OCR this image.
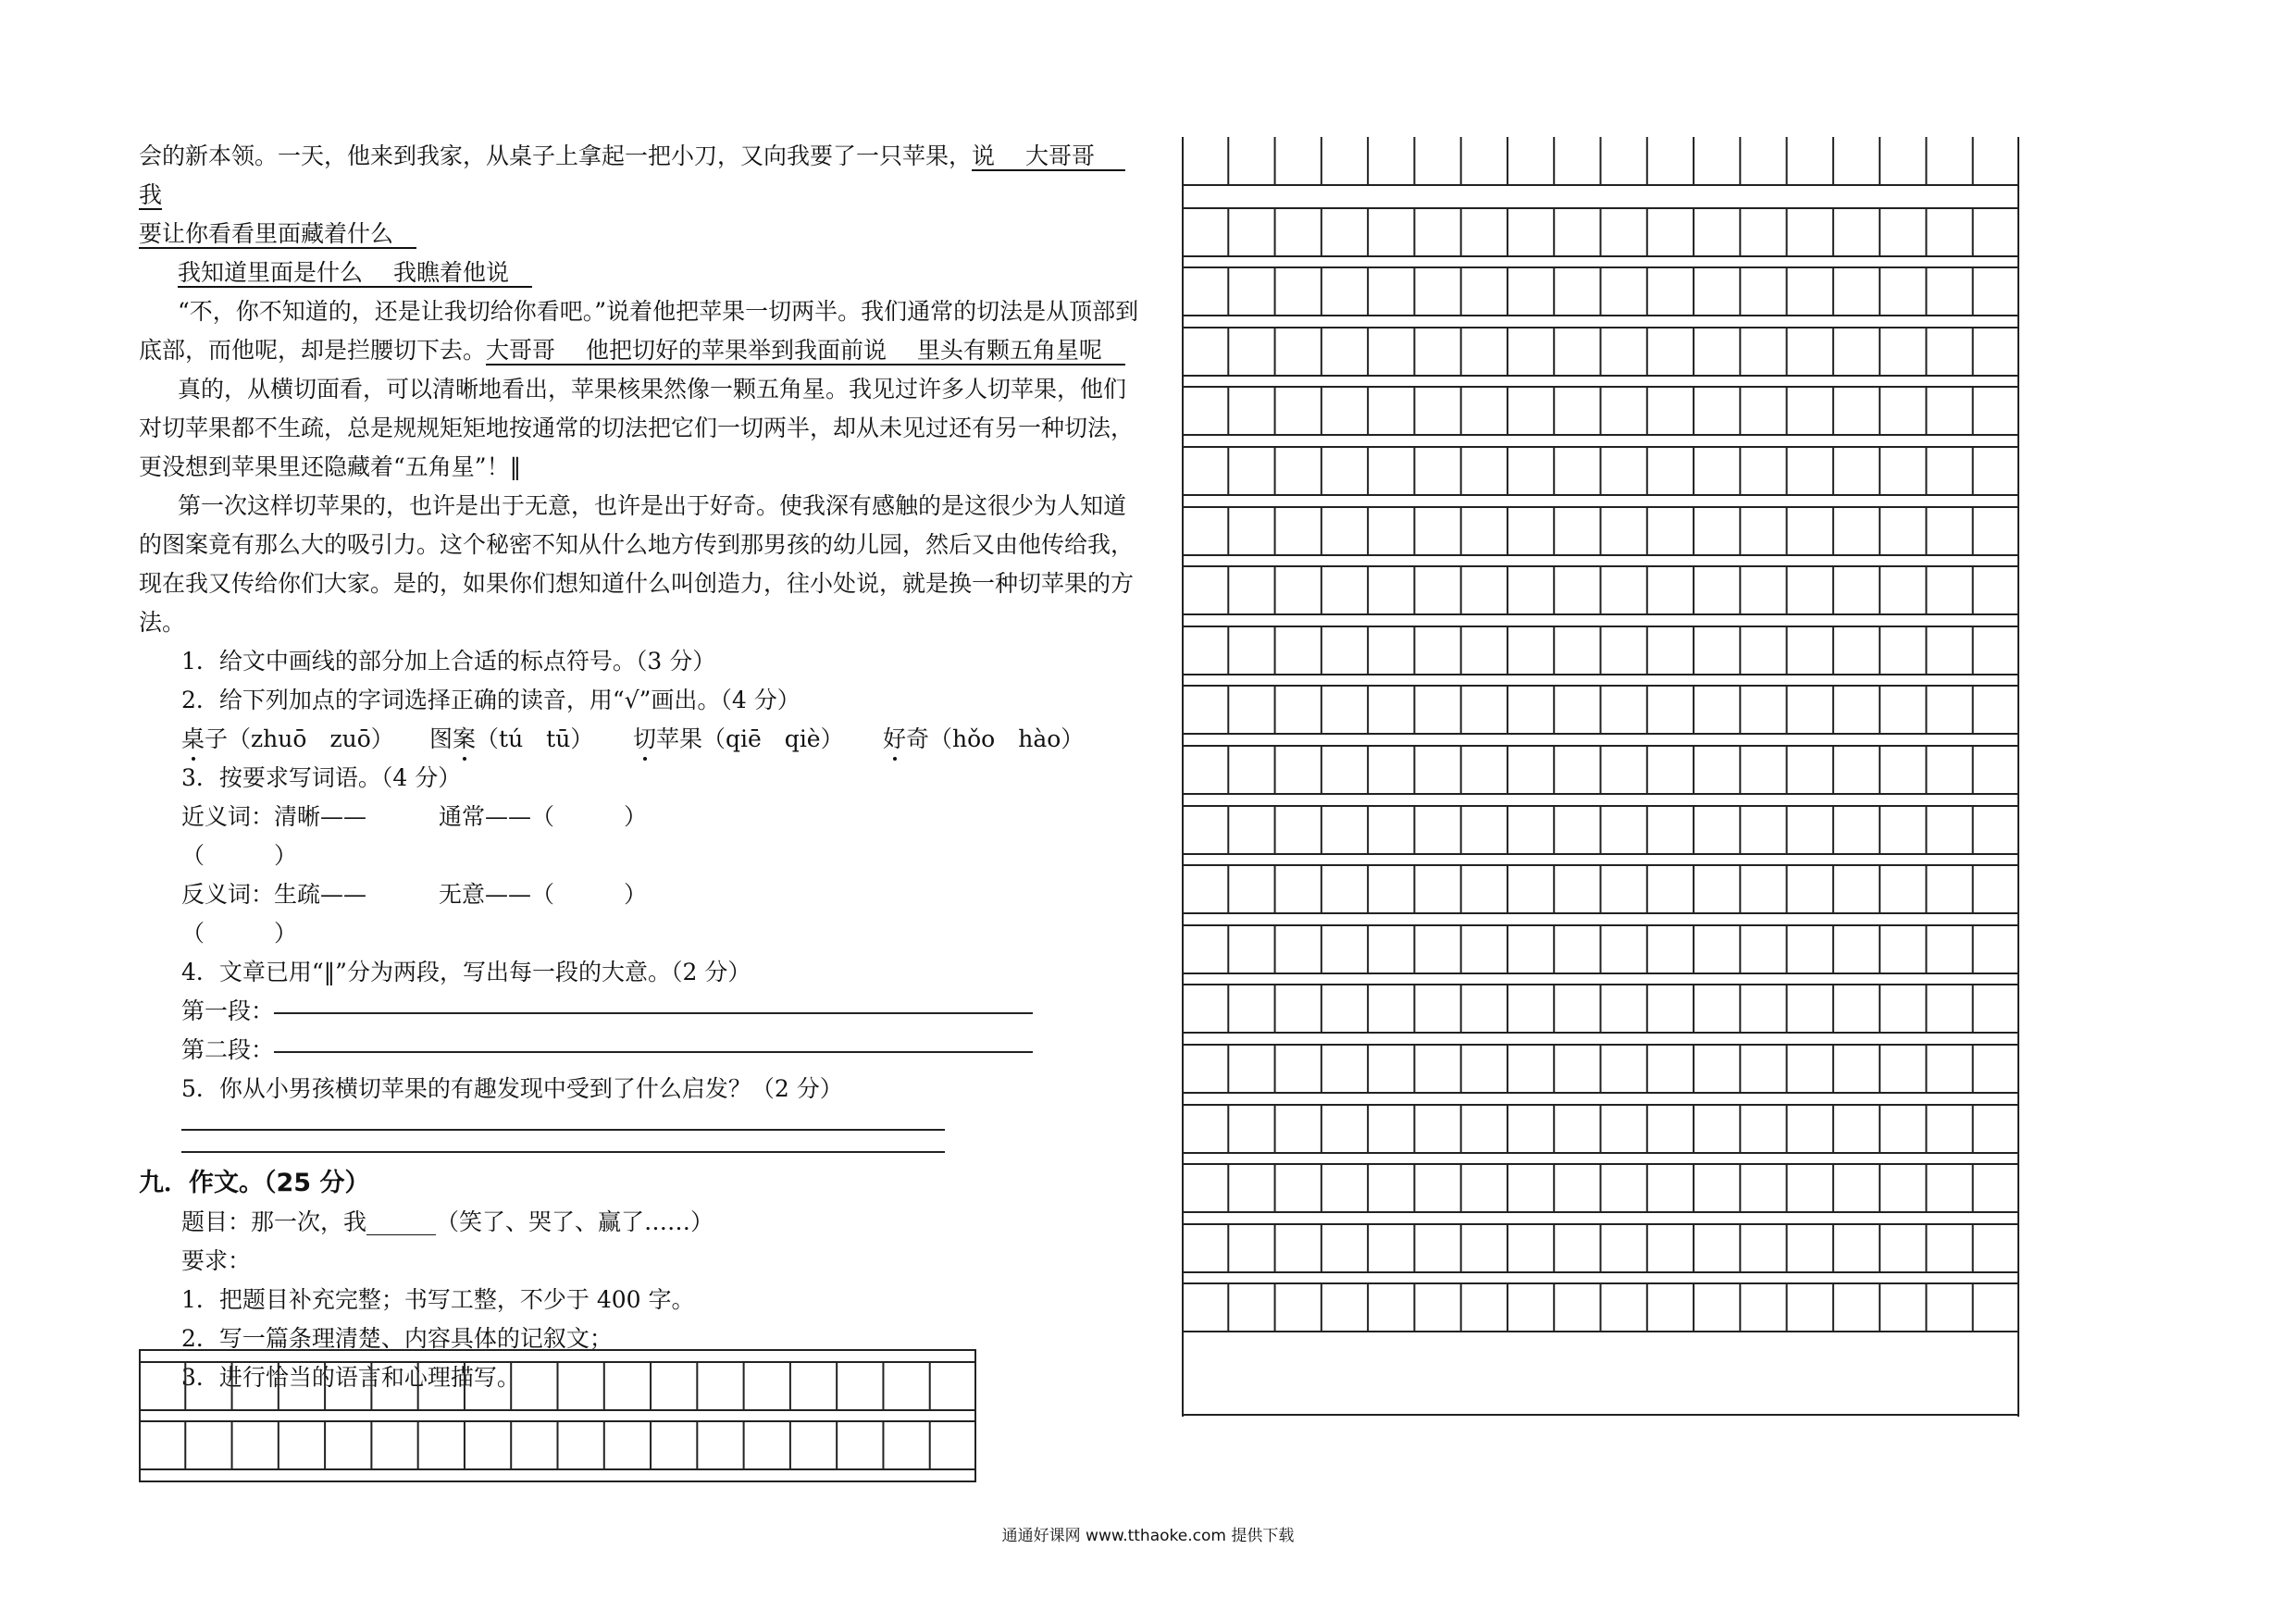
会的新本领。一天，他来到我家，从桌子上拿起一把小刀，又向我要了一只苹果，说　 大哥哥　 我
要让你看看里面藏着什么　

我知道里面是什么　 我瞧着他说　

“不，你不知道的，还是让我切给你看吧。”说着他把苹果一切两半。我们通常的切法是从顶部到底部，而他呢，却是拦腰切下去。大哥哥　 他把切好的苹果举到我面前说　 里头有颗五角星呢　

真的，从横切面看，可以清晰地看出，苹果核果然像一颗五角星。我见过许多人切苹果，他们对切苹果都不生疏，总是规规矩矩地按通常的切法把它们一切两半，却从未见过还有另一种切法，更没想到苹果里还隐藏着“五角星”！‖

第一次这样切苹果的，也许是出于无意，也许是出于好奇。使我深有感触的是这很少为人知道的图案竟有那么大的吸引力。这个秘密不知从什么地方传到那男孩的幼儿园，然后又由他传给我，现在我又传给你们大家。是的，如果你们想知道什么叫创造力，往小处说，就是换一种切苹果的方法。

1．给文中画线的部分加上合适的标点符号。（3 分）

2．给下列加点的字词选择正确的读音，用“√”画出。（4 分）

桌子（zhuō　zuō）	图案（tú　tū）	切苹果（qiē　qiè）	好奇（hǒo　hào）

3．按要求写词语。（4 分）

近义词：清晰——（　　　）
通常——（　　　）
反义词：生疏——（　　　）
无意——（　　　）

4．文章已用“‖”分为两段，写出每一段的大意。（2 分）

第一段：
第二段：

5．你从小男孩横切苹果的有趣发现中受到了什么启发？（2 分）

九．作文。（25 分）

题目：那一次，我______（笑了、哭了、赢了……）

要求：

1．把题目补充完整；书写工整，不少于 400 字。

2．写一篇条理清楚、内容具体的记叙文；

3．进行恰当的语言和心理描写。

通通好课网 www.tthaoke.com 提供下载
